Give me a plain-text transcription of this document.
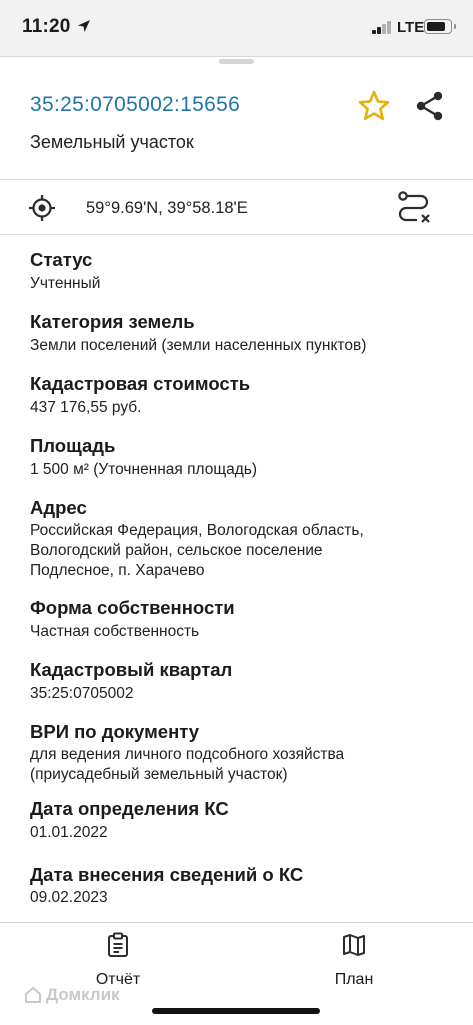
11:20	LTE
35:25:0705002:15656
Земельный участок
59°9.69'N, 39°58.18'E
Статус
Учтенный
Категория земель
Земли поселений (земли населенных пунктов)
Кадастровая стоимость
437 176,55 руб.
Площадь
1 500 м² (Уточненная площадь)
Адрес
Российская Федерация, Вологодская область,
Вологодский район, сельское поселение
Подлесное, п. Харачево
Форма собственности
Частная собственность
Кадастровый квартал
35:25:0705002
ВРИ по документу
для ведения личного подсобного хозяйства
(приусадебный земельный участок)
Дата определения КС
01.01.2022
Дата внесения сведений о КС
09.02.2023
Отчёт	План
Домклик
